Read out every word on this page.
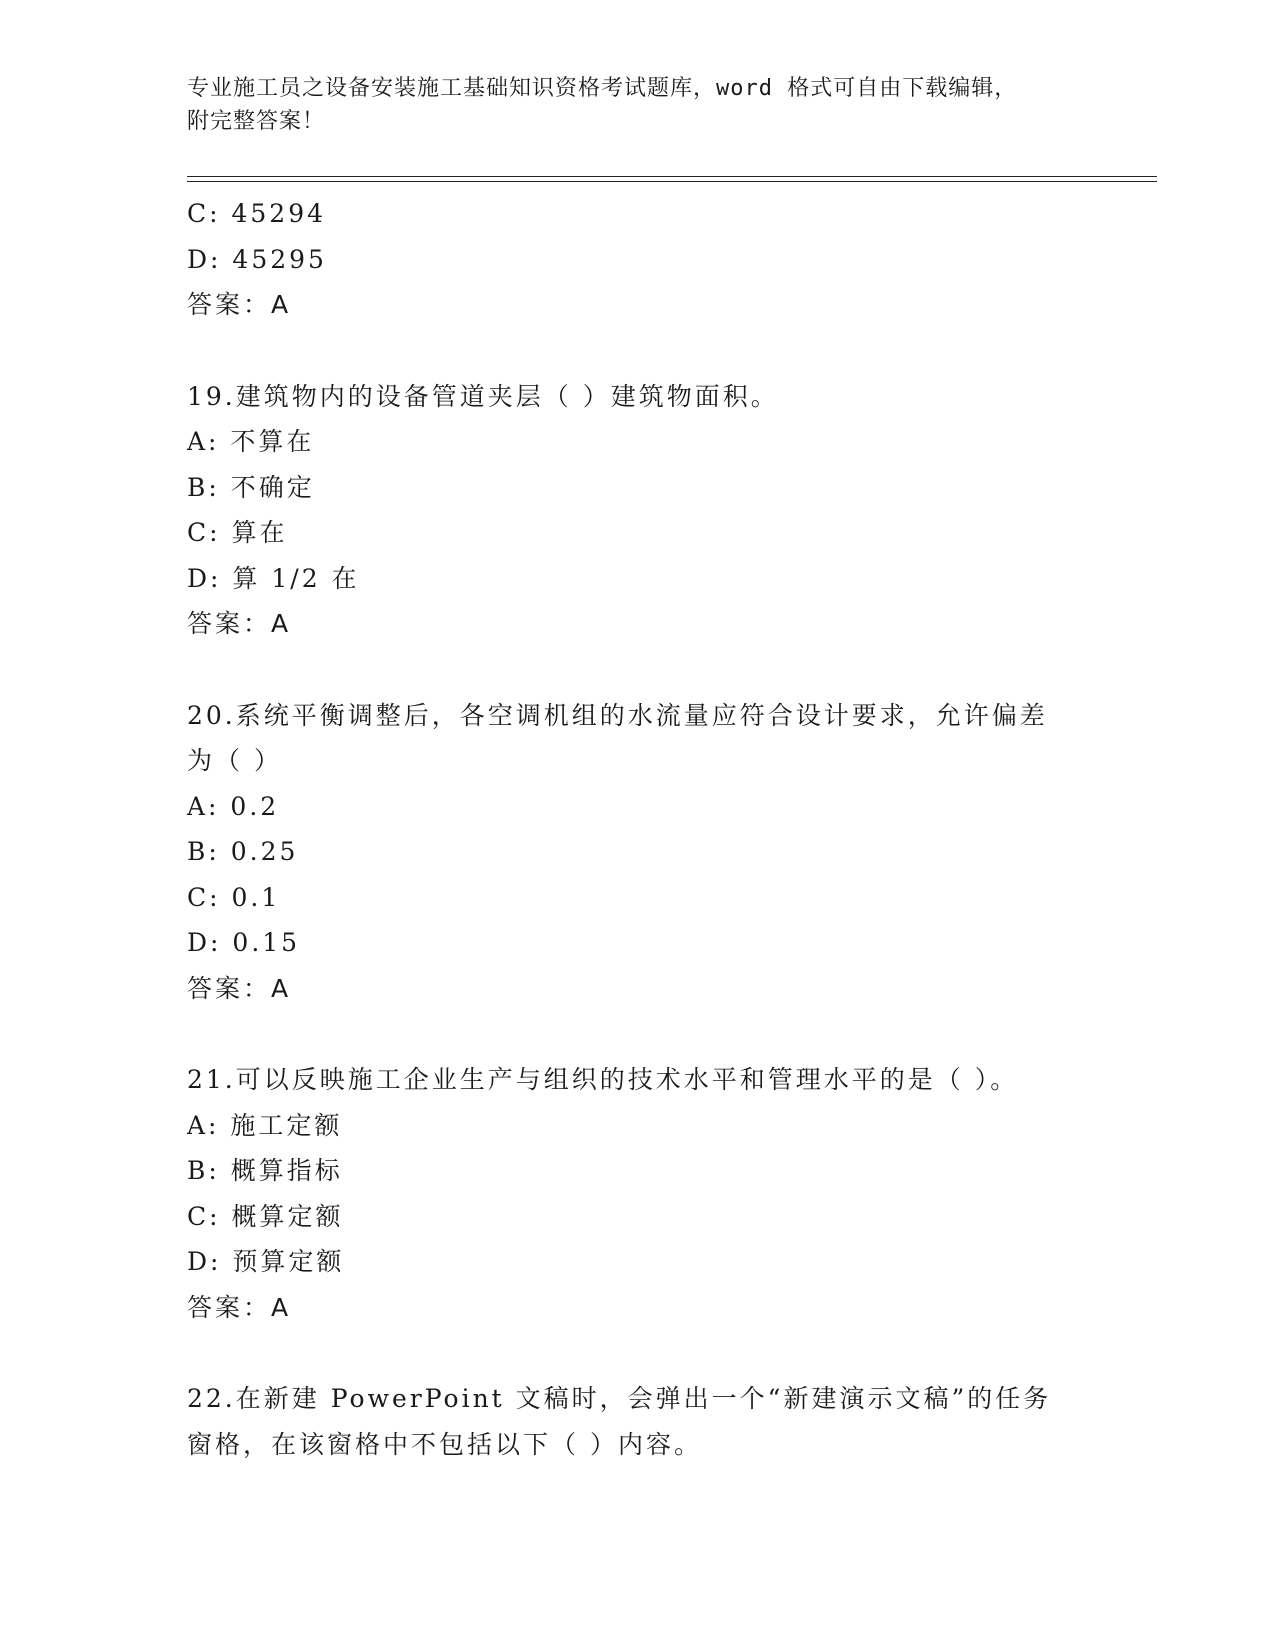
专业施工员之设备安装施工基础知识资格考试题库，word 格式可自由下载编辑，
附完整答案！
C: 45294
D: 45295
答案：A
19.建筑物内的设备管道夹层（ ）建筑物面积。
A: 不算在
B: 不确定
C: 算在
D: 算 1/2 在
答案：A
20.系统平衡调整后，各空调机组的水流量应符合设计要求，允许偏差
为（ ）
A: 0.2
B: 0.25
C: 0.1
D: 0.15
答案：A
21.可以反映施工企业生产与组织的技术水平和管理水平的是（ ）。
A: 施工定额
B: 概算指标
C: 概算定额
D: 预算定额
答案：A
22.在新建 PowerPoint 文稿时，会弹出一个“新建演示文稿”的任务
窗格，在该窗格中不包括以下（ ）内容。
